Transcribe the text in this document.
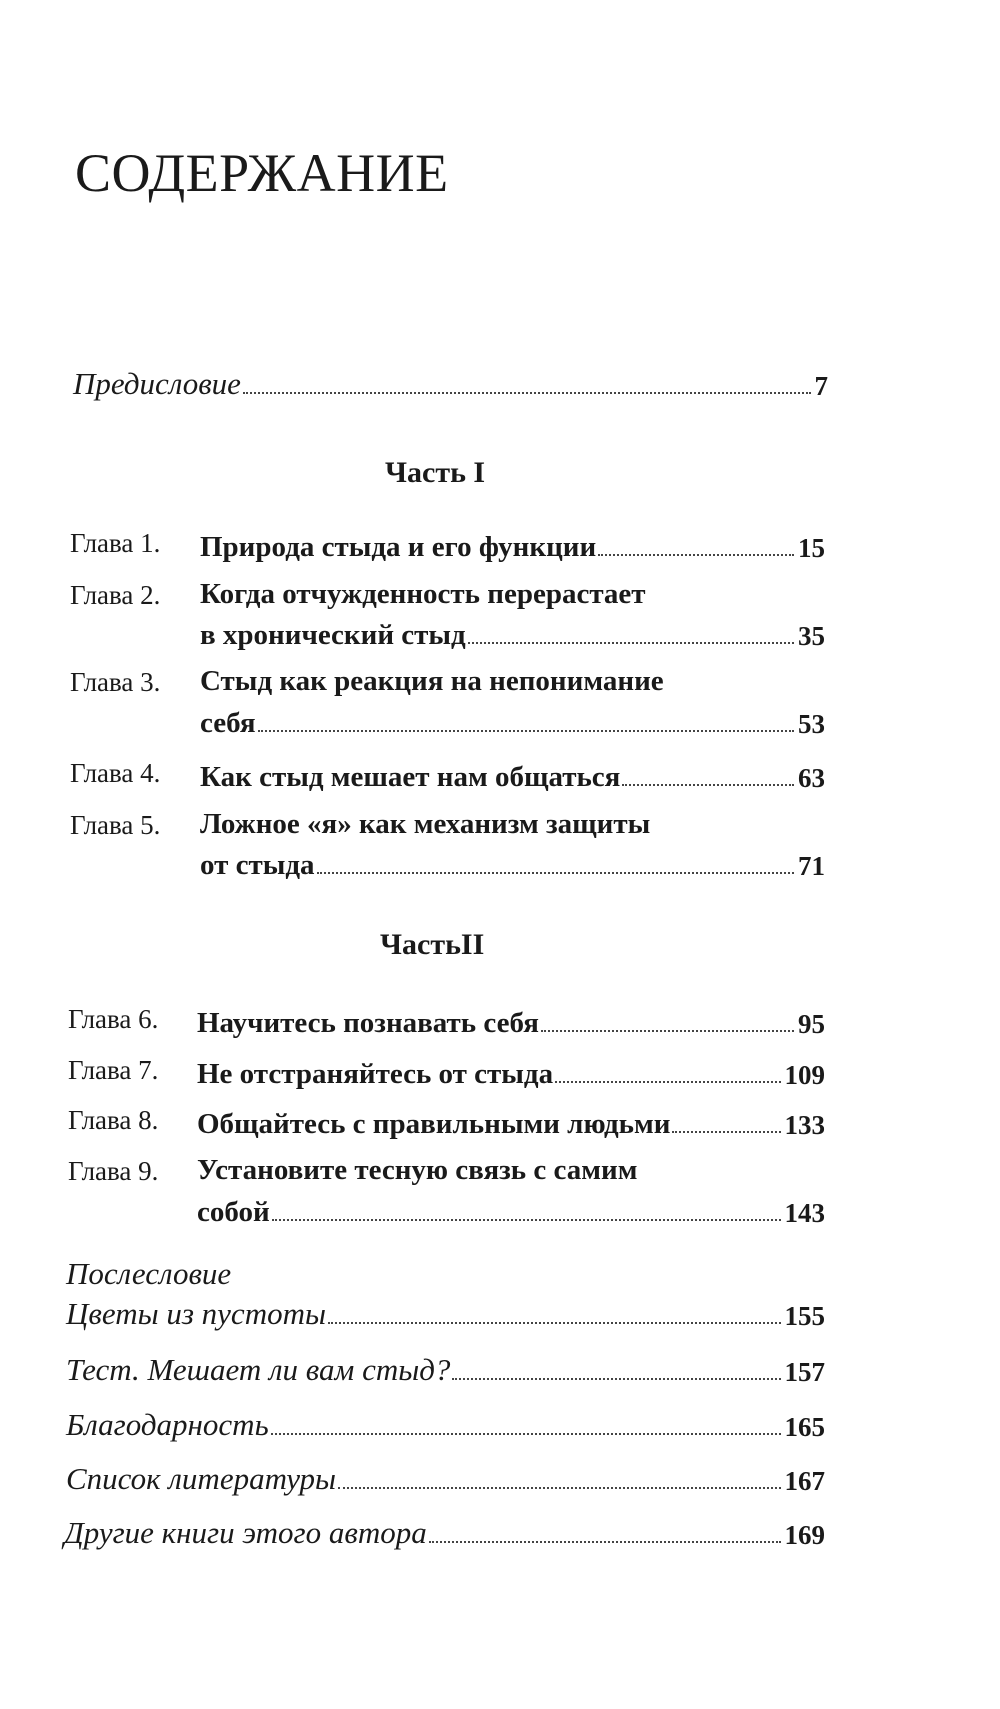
СОДЕРЖАНИЕ
Предисловие	7
Часть I
Глава 1. Природа стыда и его функции	15
Глава 2. Когда отчужденность перерастает
в хронический стыд	35
Глава 3. Стыд как реакция на непонимание
себя	53
Глава 4. Как стыд мешает нам общаться	63
Глава 5. Ложное «я» как механизм защиты
от стыда	71
ЧастьII
Глава 6. Научитесь познавать себя	95
Глава 7. Не отстраняйтесь от стыда	109
Глава 8. Общайтесь с правильными людьми	133
Глава 9. Установите тесную связь с самим
собой	143
Послесловие
Цветы из пустоты	155
Тест. Мешает ли вам стыд?	157
Благодарность	165
Список литературы	167
Другие книги этого автора	169
